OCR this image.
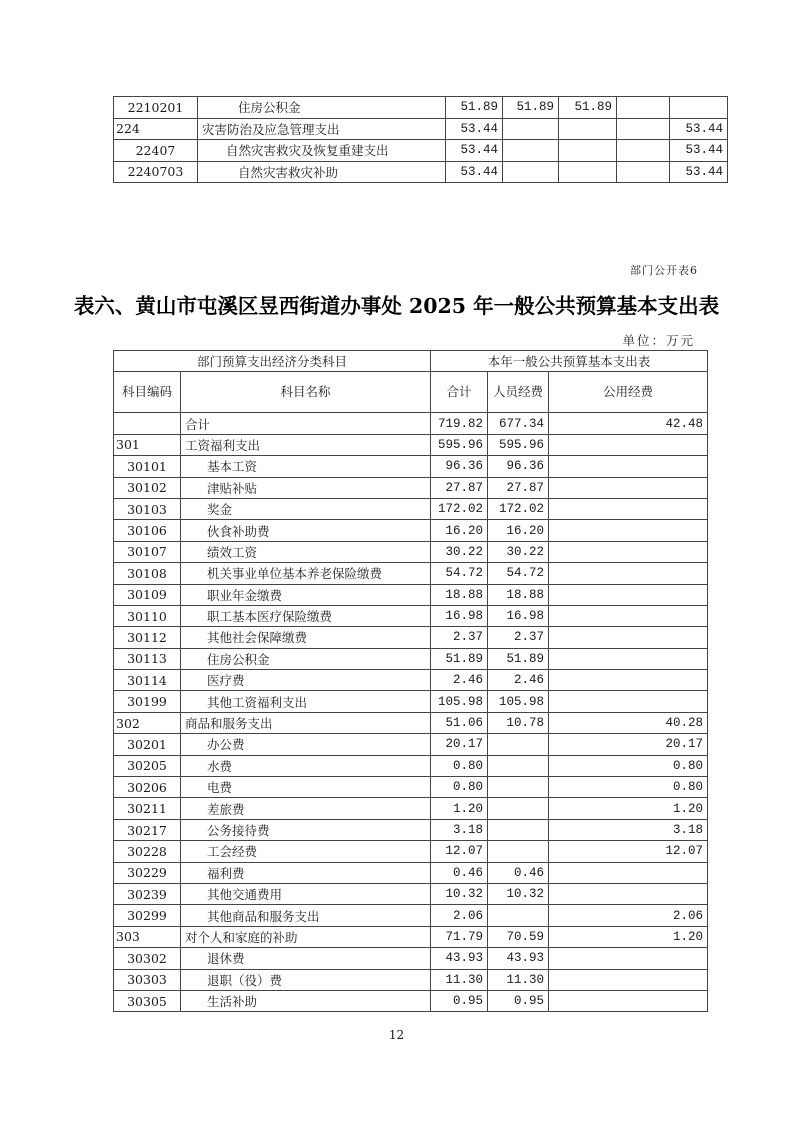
2210201	住房公积金	51.89	51.89	51.89		
224	灾害防治及应急管理支出	53.44				53.44
22407	自然灾害救灾及恢复重建支出	53.44				53.44
2240703	自然灾害救灾补助	53.44				53.44
部门公开表6
表六、黄山市屯溪区昱西街道办事处 2025 年一般公共预算基本支出表
单位：万元
部门预算支出经济分类科目		本年一般公共预算基本支出表		
科目编码	科目名称	合计	人员经费	公用经费
	合计	719.82	677.34	42.48
301	工资福利支出	595.96	595.96	
30101	基本工资	96.36	96.36	
30102	津贴补贴	27.87	27.87	
30103	奖金	172.02	172.02	
30106	伙食补助费	16.20	16.20	
30107	绩效工资	30.22	30.22	
30108	机关事业单位基本养老保险缴费	54.72	54.72	
30109	职业年金缴费	18.88	18.88	
30110	职工基本医疗保险缴费	16.98	16.98	
30112	其他社会保障缴费	2.37	2.37	
30113	住房公积金	51.89	51.89	
30114	医疗费	2.46	2.46	
30199	其他工资福利支出	105.98	105.98	
302	商品和服务支出	51.06	10.78	40.28
30201	办公费	20.17		20.17
30205	水费	0.80		0.80
30206	电费	0.80		0.80
30211	差旅费	1.20		1.20
30217	公务接待费	3.18		3.18
30228	工会经费	12.07		12.07
30229	福利费	0.46	0.46	
30239	其他交通费用	10.32	10.32	
30299	其他商品和服务支出	2.06		2.06
303	对个人和家庭的补助	71.79	70.59	1.20
30302	退休费	43.93	43.93	
30303	退职（役）费	11.30	11.30	
30305	生活补助	0.95	0.95	
12
